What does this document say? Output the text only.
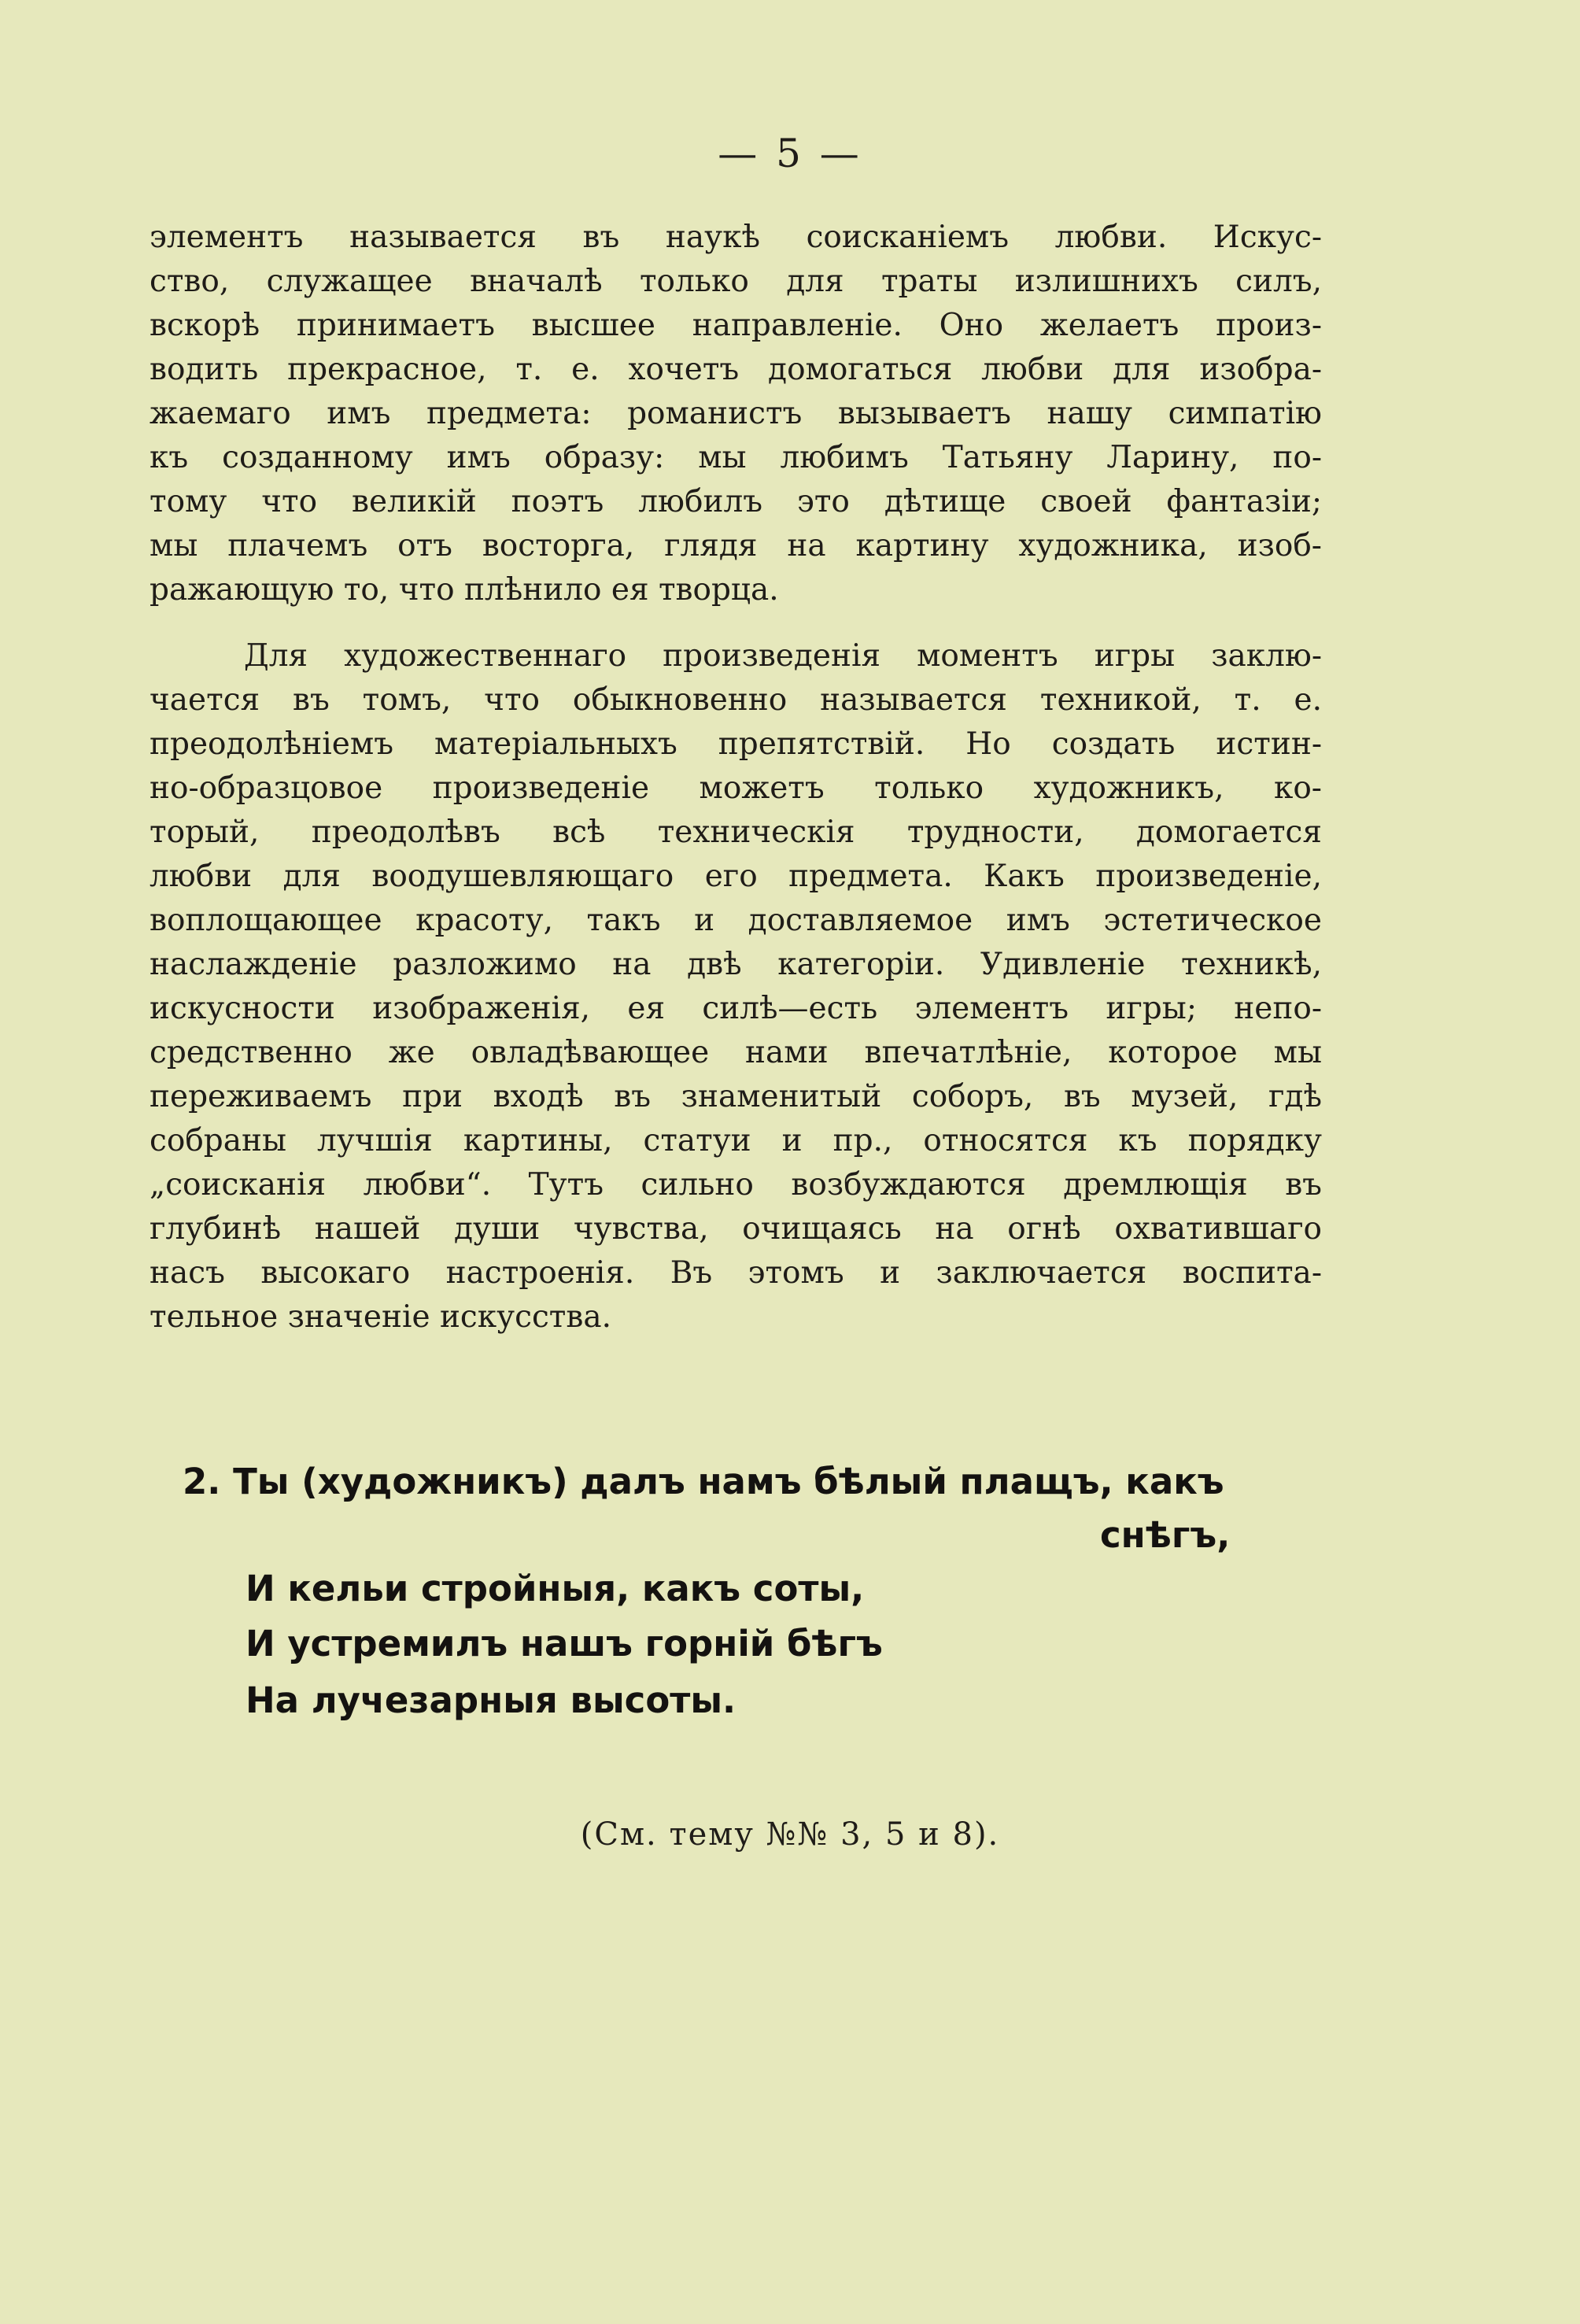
— 5 —
элементъ называется въ наукѣ соисканіемъ любви. Искус-
ство, служащее вначалѣ только для траты излишнихъ силъ,
вскорѣ принимаетъ высшее направленіе. Оно желаетъ произ-
водить прекрасное, т. е. хочетъ домогаться любви для изобра-
жаемаго имъ предмета: романистъ вызываетъ нашу симпатію
къ созданному имъ образу: мы любимъ Татьяну Ларину, по-
тому что великій поэтъ любилъ это дѣтище своей фантазіи;
мы плачемъ отъ восторга, глядя на картину художника, изоб-
ражающую то, что плѣнило ея творца.
Для художественнаго произведенія моментъ игры заклю-
чается въ томъ, что обыкновенно называется техникой, т. е.
преодолѣніемъ матеріальныхъ препятствій. Но создать истин-
но-образцовое произведеніе можетъ только художникъ, ко-
торый, преодолѣвъ всѣ техническія трудности, домогается
любви для воодушевляющаго его предмета. Какъ произведеніе,
воплощающее красоту, такъ и доставляемое имъ эстетическое
наслажденіе разложимо на двѣ категоріи. Удивленіе техникѣ,
искусности изображенія, ея силѣ—есть элементъ игры; непо-
средственно же овладѣвающее нами впечатлѣніе, которое мы
переживаемъ при входѣ въ знаменитый соборъ, въ музей, гдѣ
собраны лучшія картины, статуи и пр., относятся къ порядку
„соисканія любви“. Тутъ сильно возбуждаются дремлющія въ
глубинѣ нашей души чувства, очищаясь на огнѣ охватившаго
насъ высокаго настроенія. Въ этомъ и заключается воспита-
тельное значеніе искусства.
2. Ты (художникъ) далъ намъ бѣлый плащъ, какъ
снѣгъ,
И кельи стройныя, какъ соты,
И устремилъ нашъ горній бѣгъ
На лучезарныя высоты.
(См. тему №№ 3, 5 и 8).
